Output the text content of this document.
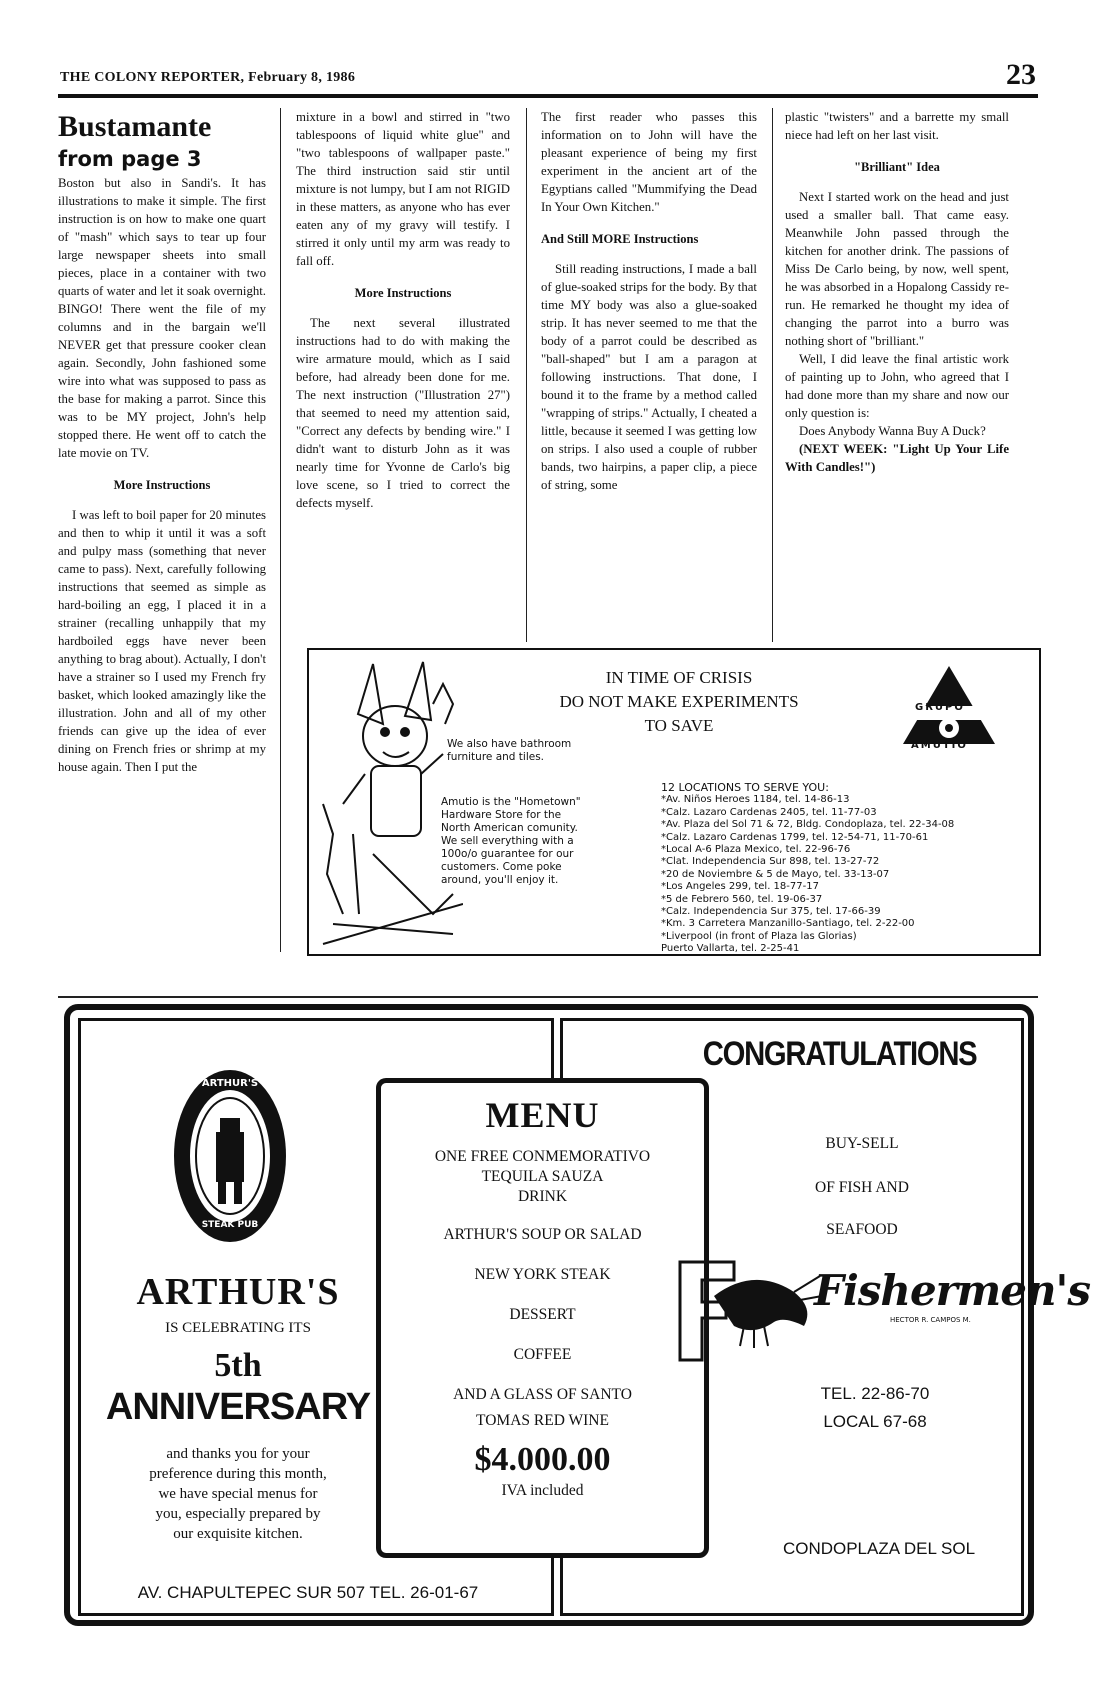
THE COLONY REPORTER, February 8, 1986	23

Bustamante

from page 3

Boston but also in Sandi's. It has illustrations to make it simple. The first instruction is on how to make one quart of "mash" which says to tear up four large newspaper sheets into small pieces, place in a container with two quarts of water and let it soak overnight. BINGO! There went the file of my columns and in the bargain we'll NEVER get that pressure cooker clean again. Secondly, John fashioned some wire into what was supposed to pass as the base for making a parrot. Since this was to be MY project, John's help stopped there. He went off to catch the late movie on TV.

More Instructions

I was left to boil paper for 20 minutes and then to whip it until it was a soft and pulpy mass (something that never came to pass). Next, carefully following instructions that seemed as simple as hard-boiling an egg, I placed it in a strainer (recalling unhappily that my hardboiled eggs have never been anything to brag about). Actually, I don't have a strainer so I used my French fry basket, which looked amazingly like the illustration. John and all of my other friends can give up the idea of ever dining on French fries or shrimp at my house again. Then I put the

mixture in a bowl and stirred in "two tablespoons of liquid white glue" and "two tablespoons of wallpaper paste." The third instruction said stir until mixture is not lumpy, but I am not RIGID in these matters, as anyone who has ever eaten any of my gravy will testify. I stirred it only until my arm was ready to fall off.

More Instructions

The next several illustrated instructions had to do with making the wire armature mould, which as I said before, had already been done for me. The next instruction ("Illustration 27") that seemed to need my attention said, "Correct any defects by bending wire." I didn't want to disturb John as it was nearly time for Yvonne de Carlo's big love scene, so I tried to correct the defects myself.

The first reader who passes this information on to John will have the pleasant experience of being my first experiment in the ancient art of the Egyptians called "Mummifying the Dead In Your Own Kitchen."

And Still MORE Instructions

Still reading instructions, I made a ball of glue-soaked strips for the body. By that time MY body was also a glue-soaked strip. It has never seemed to me that the body of a parrot could be described as "ball-shaped" but I am a paragon at following instructions. That done, I bound it to the frame by a method called "wrapping of strips." Actually, I cheated a little, because it seemed I was getting low on strips. I also used a couple of rubber bands, two hairpins, a paper clip, a piece of string, some

plastic "twisters" and a barrette my small niece had left on her last visit.

"Brilliant" Idea

Next I started work on the head and just used a smaller ball. That came easy. Meanwhile John passed through the kitchen for another drink. The passions of Miss De Carlo being, by now, well spent, he was absorbed in a Hopalong Cassidy re-run. He remarked he thought my idea of changing the parrot into a burro was nothing short of "brilliant."

Well, I did leave the final artistic work of painting up to John, who agreed that I had done more than my share and now our only question is:

Does Anybody Wanna Buy A Duck?

(NEXT WEEK: "Light Up Your Life With Candles!")

IN TIME OF CRISIS
DO NOT MAKE EXPERIMENTS
TO SAVE
GRUPO
AMUTIO
We also have bathroom furniture and tiles.
Amutio is the "Hometown" Hardware Store for the North American comunity. We sell everything with a 100o/o guarantee for our customers. Come poke around, you'll enjoy it.
12 LOCATIONS TO SERVE YOU:
*Av. Niños Heroes 1184, tel. 14-86-13
*Calz. Lazaro Cardenas 2405, tel. 11-77-03
*Av. Plaza del Sol 71 & 72, Bldg. Condoplaza, tel. 22-34-08
*Calz. Lazaro Cardenas 1799, tel. 12-54-71, 11-70-61
*Local A-6 Plaza Mexico, tel. 22-96-76
*Clat. Independencia Sur 898, tel. 13-27-72
*20 de Noviembre & 5 de Mayo, tel. 33-13-07
*Los Angeles 299, tel. 18-77-17
*5 de Febrero 560, tel. 19-06-37
*Calz. Independencia Sur 375, tel. 17-66-39
*Km. 3 Carretera Manzanillo-Santiago, tel. 2-22-00
*Liverpool (in front of Plaza las Glorias)
Puerto Vallarta, tel. 2-25-41
ARTHUR'S
STEAK PUB
ARTHUR'S
IS CELEBRATING ITS
5th
ANNIVERSARY
and thanks you for your
preference during this month,
we have special menus for
you, especially prepared by
our exquisite kitchen.
AV. CHAPULTEPEC SUR 507 TEL. 26-01-67
MENU
ONE FREE CONMEMORATIVO
TEQUILA SAUZA
DRINK
ARTHUR'S SOUP OR SALAD
NEW YORK STEAK
DESSERT
COFFEE
AND A GLASS OF SANTO
TOMAS RED WINE
$4.000.00
IVA included
CONGRATULATIONS
BUY-SELL
OF FISH AND
SEAFOOD
Fishermen's
HECTOR R. CAMPOS M.
TEL. 22-86-70
LOCAL 67-68
CONDOPLAZA DEL SOL
